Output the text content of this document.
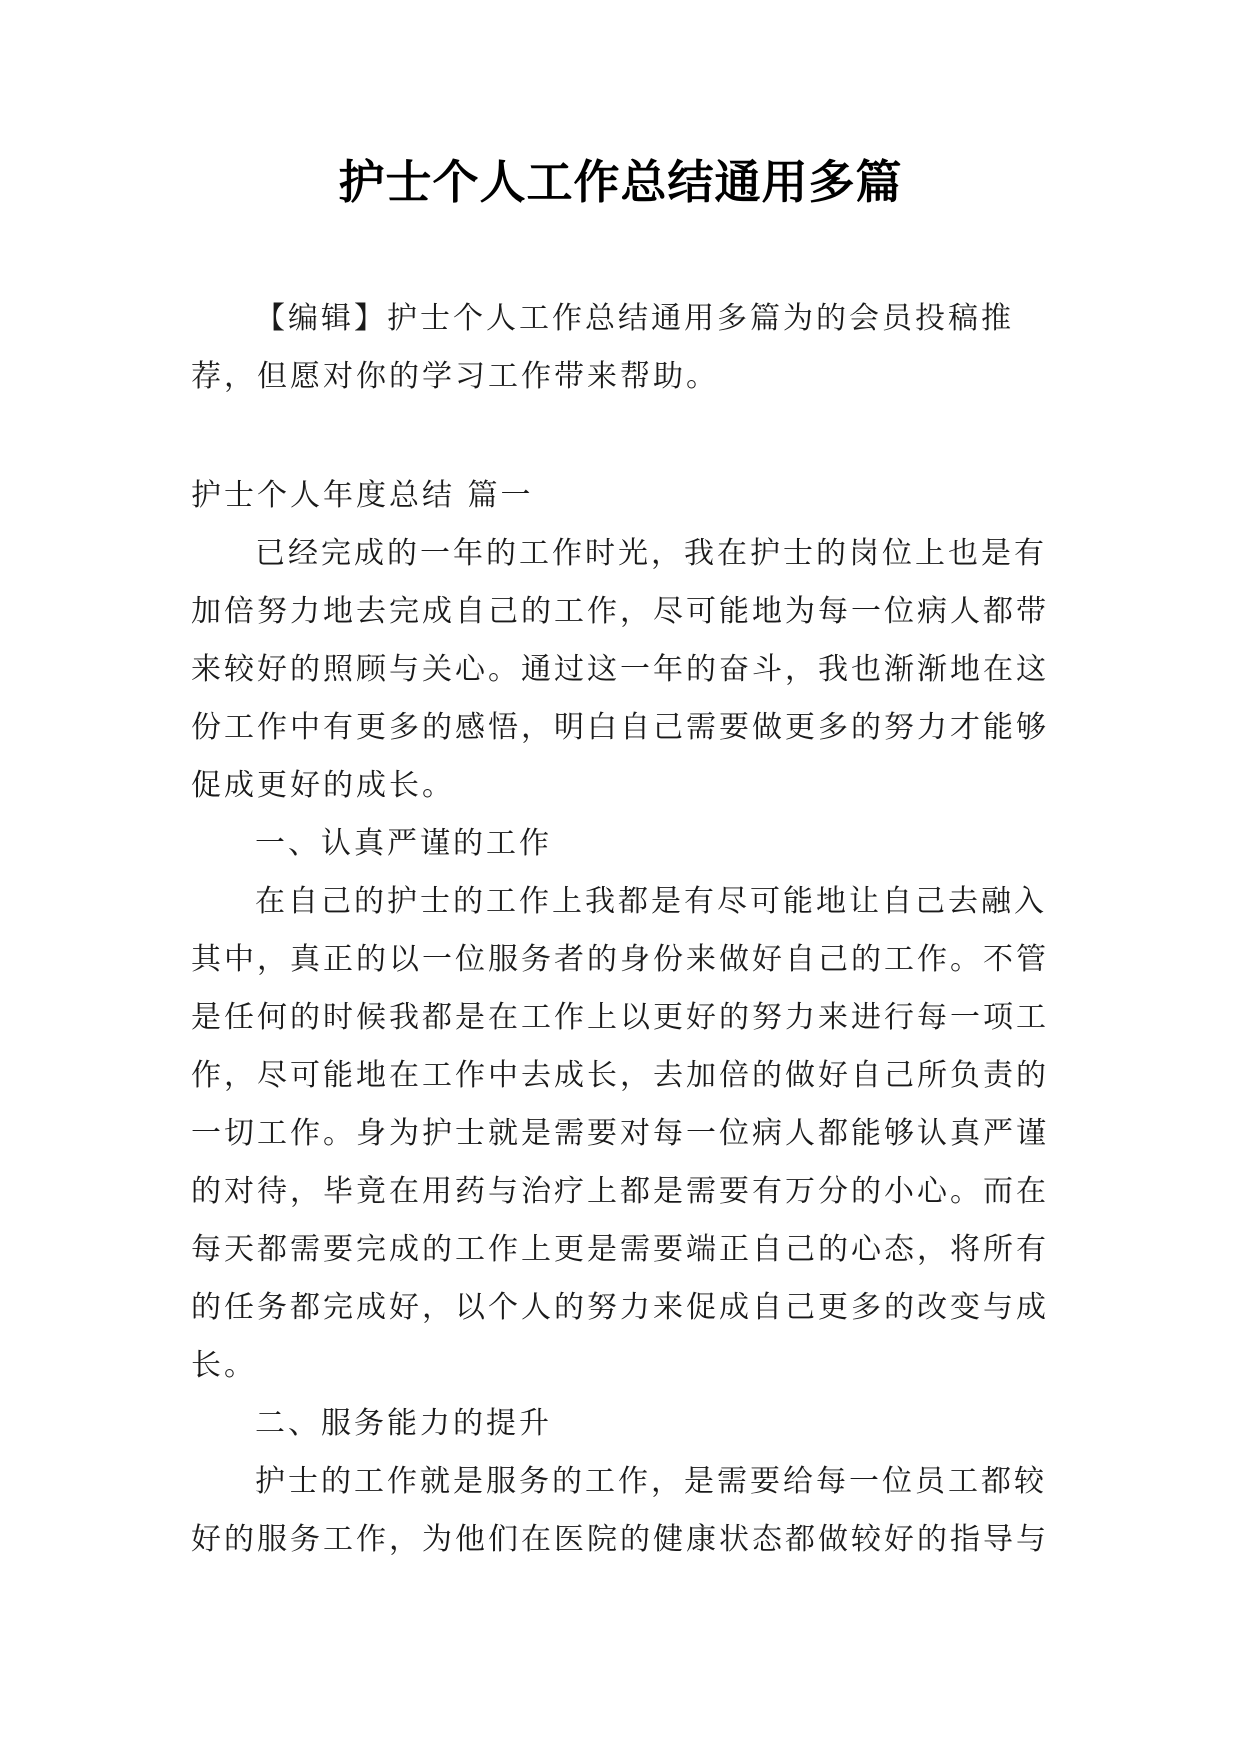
护士个人工作总结通用多篇

【编辑】护士个人工作总结通用多篇为的会员投稿推荐，但愿对你的学习工作带来帮助。

护士个人年度总结 篇一

已经完成的一年的工作时光，我在护士的岗位上也是有加倍努力地去完成自己的工作，尽可能地为每一位病人都带来较好的照顾与关心。通过这一年的奋斗，我也渐渐地在这份工作中有更多的感悟，明白自己需要做更多的努力才能够促成更好的成长。

一、认真严谨的工作

在自己的护士的工作上我都是有尽可能地让自己去融入其中，真正的以一位服务者的身份来做好自己的工作。不管是任何的时候我都是在工作上以更好的努力来进行每一项工作，尽可能地在工作中去成长，去加倍的做好自己所负责的一切工作。身为护士就是需要对每一位病人都能够认真严谨的对待，毕竟在用药与治疗上都是需要有万分的小心。而在每天都需要完成的工作上更是需要端正自己的心态，将所有的任务都完成好，以个人的努力来促成自己更多的改变与成长。

二、服务能力的提升

护士的工作就是服务的工作，是需要给每一位员工都较好的服务工作，为他们在医院的健康状态都做较好的指导与
